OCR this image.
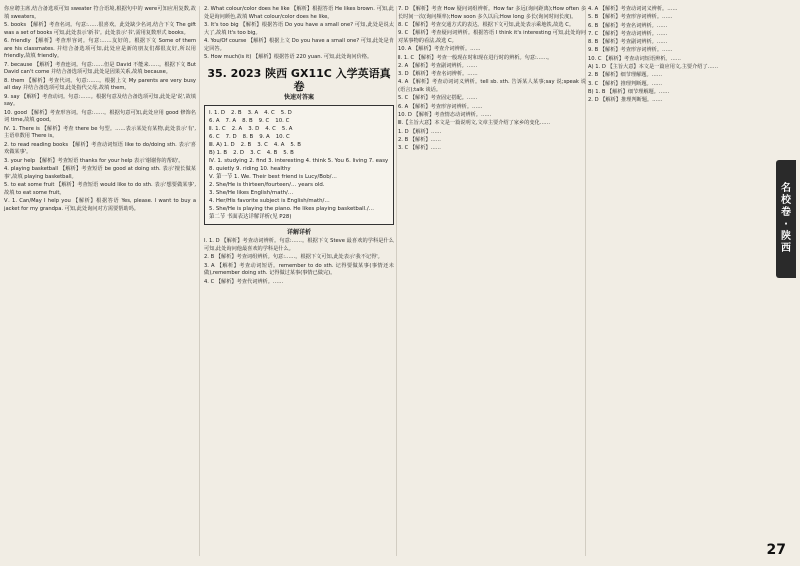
你应聘主席,结合备选项可知 sweater 符合语境,根据句中的 were可知应用复数,故填 sweaters。

5. books 【解析】考查名词。句意:……很喜欢。此处缺少名词,结合下文 The gift was a set of books 可知,此处表示'新书'。此处表示'书',需用复数形式 books。

6. friendly 【解析】考查形容词。句意:……友好的。根据下文 Some of them are his classmates. 并结合备选项可知,此处应是新的朋友们都很友好,所以用 friendly,故填 friendly。

7. because 【解析】考查连词。句意:……但是 David 不能来……。根据下文 But David can't come 并结合备选项可知,此处是因果关系,故填 because。

8. them 【解析】考查代词。句意:……。根据上文 My parents are very busy all day 并结合备选项可知,此处指代父母,故填 them。

9. say 【解析】考查动词。句意:……。根据句意及结合备选项可知,此处是'说',故填 say。

10. good 【解析】考查形容词。句意:……。根据句意可知,此处应用 good 修饰名词 time,故填 good。

Ⅳ. 1. There is 【解析】考查 there be 句型。……表示某处有某物,此处表示'有',主语单数用 There is。

2. to read reading books 【解析】考查动词短语 like to do/doing sth. 表示'喜欢做某事'。

3. your help 【解析】考查短语 thanks for your help 表示'谢谢你的帮助'。

4. playing basketball 【解析】考查短语 be good at doing sth. 表示'擅长做某事',故填 playing basketball。

5. to eat some fruit 【解析】考查短语 would like to do sth. 表示'想要做某事',故填 to eat some fruit。

Ⅴ. 1. Can/May I help you 【解析】根据答语 Yes, please. I want to buy a jacket for my grandpa. 可知,此处询问对方需要帮助吗。

2. What colour/color does he like 【解析】根据答语 He likes brown. 可知,此处是询问颜色,故填 What colour/color does he like。

3. It's too big 【解析】根据答语 Do you have a small one? 可知,此处是说太大了,故填 It's too big。

4. You/Of course 【解析】根据上文 Do you have a small one? 可知,此处是肯定回答。

5. How much(is it) 【解析】根据答语 220 yuan. 可知,此处询问价格。

35. 2023 陕西 GX11C 入学英语真卷
快速对答案
Ⅰ. 1. D 2. B 3. A 4. C 5. D
6. A 7. A 8. B 9. C 10. C
Ⅱ. 1. C 2. A 3. D 4. C 5. A
6. C 7. D 8. B 9. A 10. C
Ⅲ. A) 1. D 2. B 3. C 4. A 5. B
B) 1. B 2. D 3. C 4. B 5. B
Ⅳ. 1. studying 2. find 3. interesting 4. think 5. You 6. living 7. easy 8. quietly 9. riding 10. healthy
Ⅴ. 第一节 1. We. Their best friend is Lucy/Bob/…
2. She/He is thirteen/fourteen/… years old.
3. She/He likes English/math/…
4. Her/His favorite subject is English/math/…
5. She/He is playing the piano. He likes playing basketball./…
第二节 书面表达详解详析(见 P28)
详解详析

Ⅰ. 1. D 【解析】考查动词辨析。句意:……。根据下文 Steve 最喜欢的学科是什么可知,此处询问他最喜欢的学科是什么。

2. B 【解析】考查词组辨析。句意:……。根据下文可知,此处表示'我不记得'。

3. A 【解析】考查动词短语。remember to do sth. 记得要做某事(事情还未做),remember doing sth. 记得做过某事(事情已做完)。

4. C 【解析】考查代词辨析。……

7. D 【解析】考查 How 疑问词组辨析。How far 多远(询问距离);How often 多长时间一次(询问频率);How soon 多久以后;How long 多长(询问时间长度)。

8. C 【解析】考查交通方式的表达。根据下文可知,此处表示乘地铁,故选 C。

9. C 【解析】考查疑问词辨析。根据答语 I think it's interesting 可知,此处询问对某事物的看法,故选 C。

10. A 【解析】考查介词辨析。……

Ⅱ. 1. C 【解析】考查一般现在时和现在进行时的辨析。句意:……。

2. A 【解析】考查副词辨析。……

3. D 【解析】考查名词辨析。……

4. A 【解析】考查动词词义辨析。tell sb. sth. 告诉某人某事;say 说;speak 说(语言);talk 谈话。

5. C 【解析】考查固定搭配。……

6. A 【解析】考查形容词辨析。……

10. D 【解析】考查情态动词辨析。……

Ⅲ.【主旨大意】本文是一篇说明文,文章主要介绍了家乡的变化……

1. D 【解析】……

2. B 【解析】……

3. C 【解析】……

4. A 【解析】考查动词词义辨析。……

5. B 【解析】考查形容词辨析。……

6. B 【解析】考查名词辨析。……

7. C 【解析】考查动词辨析。……

8. B 【解析】考查副词辨析。……

9. B 【解析】考查形容词辨析。……

10. C 【解析】考查动词短语辨析。……

A) 1. D 【主旨大意】本文是一篇应用文,主要介绍了……

2. B 【解析】细节理解题。……

3. C 【解析】推理判断题。……

B) 1. B 【解析】细节理解题。……

2. D 【解析】推理判断题。……

名
校
卷
·
陕
西
27
